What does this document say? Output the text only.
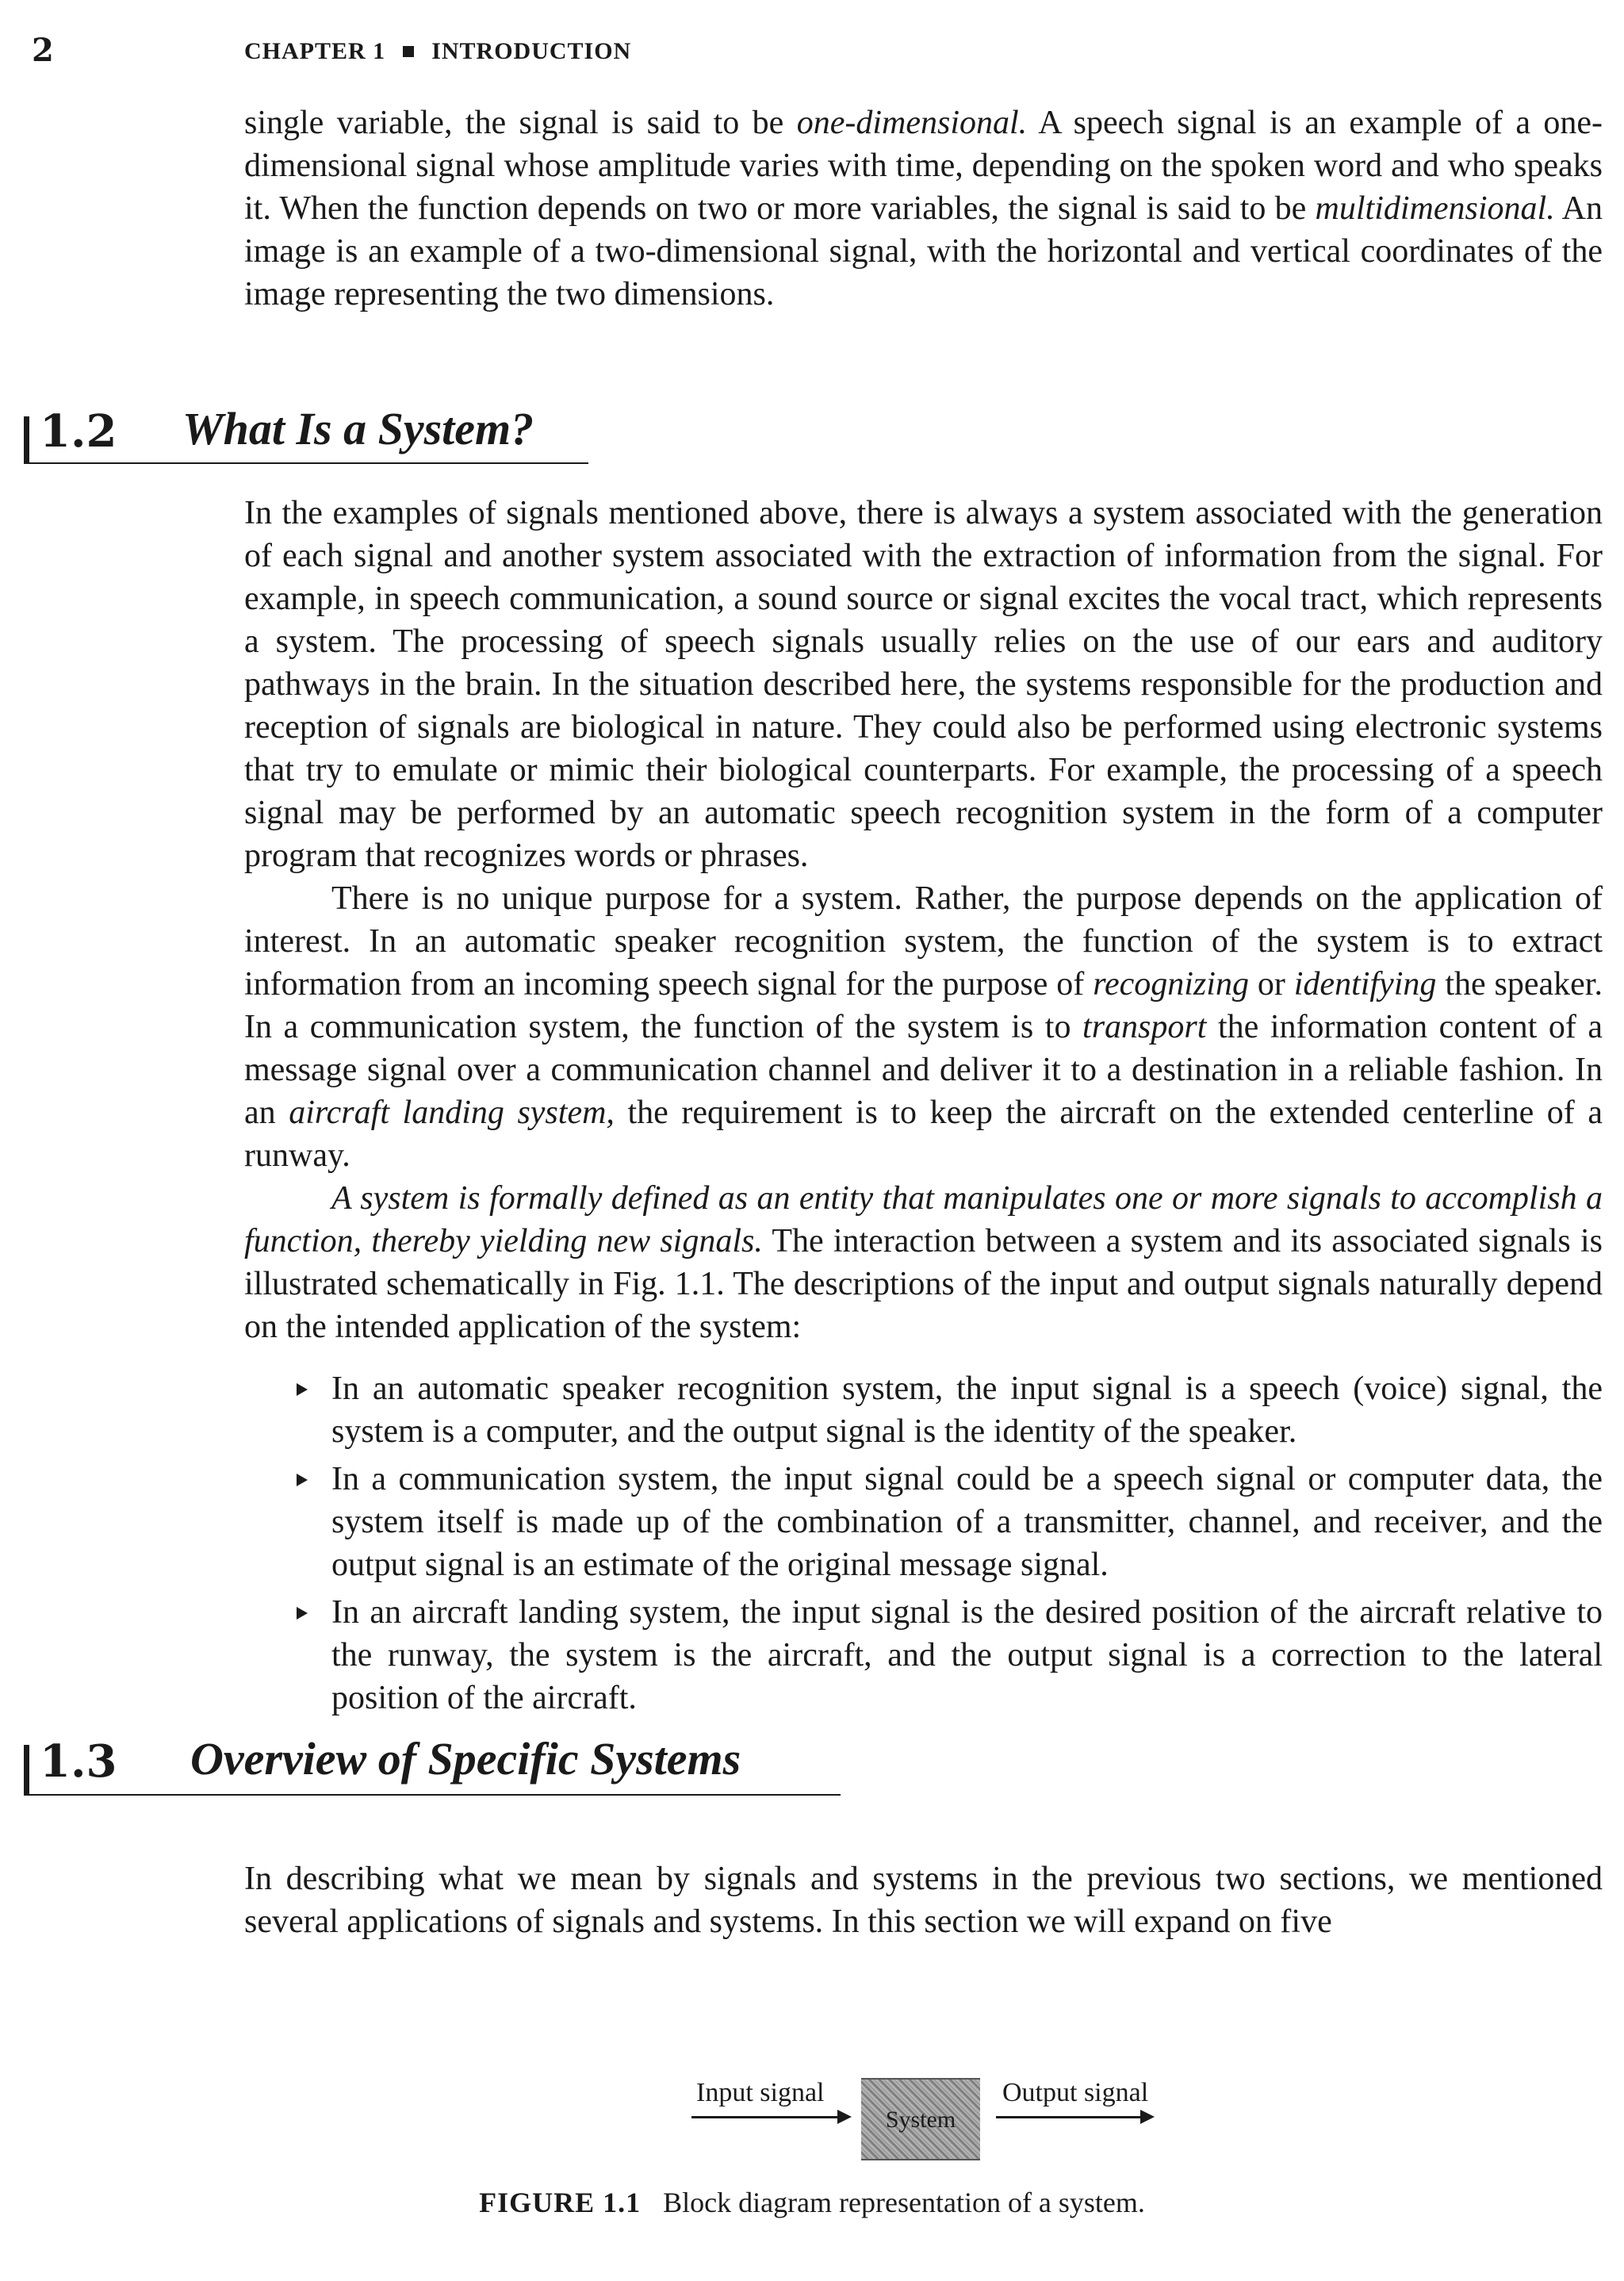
2	CHAPTER 1 INTRODUCTION

single variable, the signal is said to be one-dimensional. A speech signal is an example of a one-dimensional signal whose amplitude varies with time, depending on the spoken word and who speaks it. When the function depends on two or more variables, the signal is said to be multidimensional. An image is an example of a two-dimensional signal, with the horizontal and vertical coordinates of the image representing the two dimensions.

1.2 What Is a System?

In the examples of signals mentioned above, there is always a system associated with the generation of each signal and another system associated with the extraction of information from the signal. For example, in speech communication, a sound source or signal excites the vocal tract, which represents a system. The processing of speech signals usually relies on the use of our ears and auditory pathways in the brain. In the situation described here, the systems responsible for the production and reception of signals are biological in nature. They could also be performed using electronic systems that try to emulate or mimic their biological counterparts. For example, the processing of a speech signal may be performed by an automatic speech recognition system in the form of a computer program that recognizes words or phrases.

There is no unique purpose for a system. Rather, the purpose depends on the application of interest. In an automatic speaker recognition system, the function of the system is to extract information from an incoming speech signal for the purpose of recognizing or identifying the speaker. In a communication system, the function of the system is to transport the information content of a message signal over a communication channel and deliver it to a destination in a reliable fashion. In an aircraft landing system, the requirement is to keep the aircraft on the extended centerline of a runway.

A system is formally defined as an entity that manipulates one or more signals to accomplish a function, thereby yielding new signals. The interaction between a system and its associated signals is illustrated schematically in Fig. 1.1. The descriptions of the input and output signals naturally depend on the intended application of the system:

In an automatic speaker recognition system, the input signal is a speech (voice) signal, the system is a computer, and the output signal is the identity of the speaker.
In a communication system, the input signal could be a speech signal or computer data, the system itself is made up of the combination of a transmitter, channel, and receiver, and the output signal is an estimate of the original message signal.
In an aircraft landing system, the input signal is the desired position of the aircraft relative to the runway, the system is the aircraft, and the output signal is a correction to the lateral position of the aircraft.
1.3 Overview of Specific Systems

In describing what we mean by signals and systems in the previous two sections, we mentioned several applications of signals and systems. In this section we will expand on five

Input signal
System
Output signal
FIGURE 1.1 Block diagram representation of a system.
